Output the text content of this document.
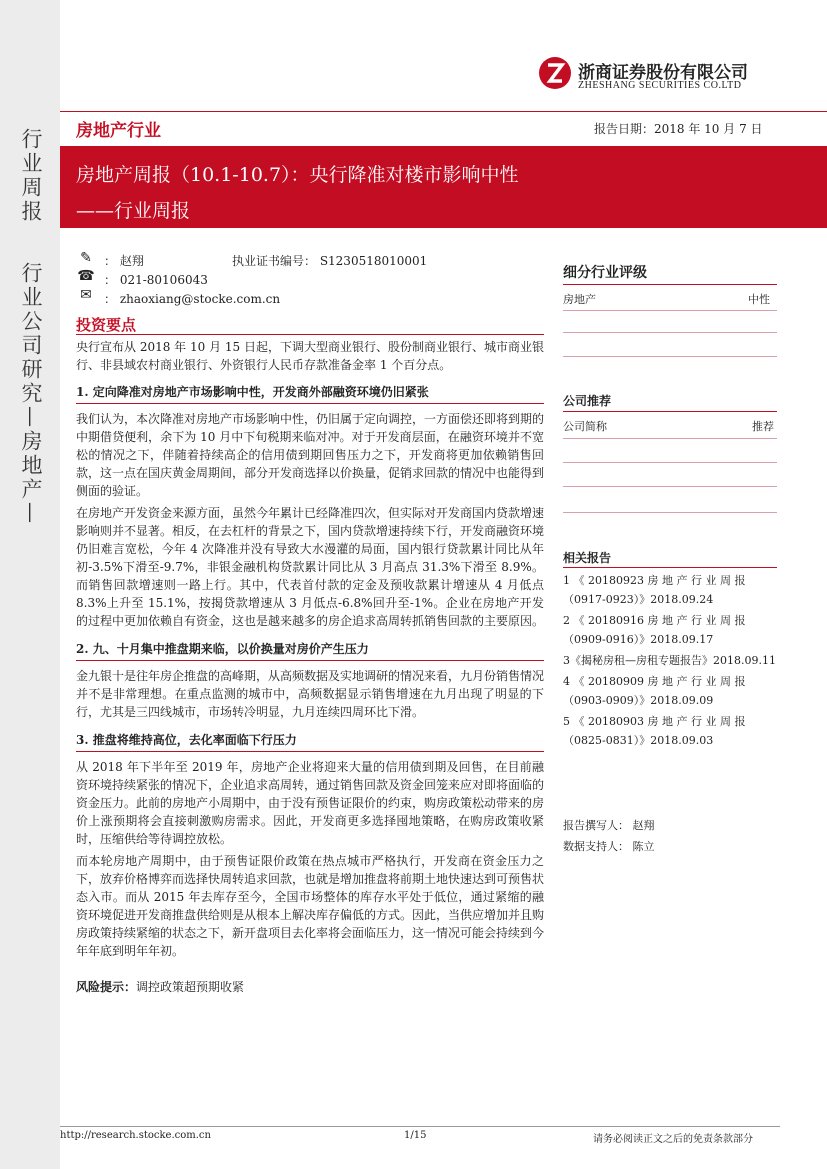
行业周报
行业公司研究—房地产—
浙商证券股份有限公司
ZHESHANG SECURITIES CO.LTD
房地产行业	报告日期：2018 年 10 月 7 日
房地产周报（10.1-10.7）：央行降准对楼市影响中性
——行业周报
✎	： 赵翔	执业证书编号： S1230518010001
☎ ： 021-80106043
✉	： zhaoxiang@stocke.com.cn
投资要点

央行宣布从 2018 年 10 月 15 日起，下调大型商业银行、股份制商业银行、城市商业银行、非县域农村商业银行、外资银行人民币存款准备金率 1 个百分点。

1. 定向降准对房地产市场影响中性，开发商外部融资环境仍旧紧张

我们认为，本次降准对房地产市场影响中性，仍旧属于定向调控，一方面偿还即将到期的中期借贷便利，余下为 10 月中下旬税期来临对冲。对于开发商层面，在融资环境并不宽松的情况之下，伴随着持续高企的信用债到期回售压力之下，开发商将更加依赖销售回款，这一点在国庆黄金周期间，部分开发商选择以价换量，促销求回款的情况中也能得到侧面的验证。

在房地产开发资金来源方面，虽然今年累计已经降准四次，但实际对开发商国内贷款增速影响则并不显著。相反，在去杠杆的背景之下，国内贷款增速持续下行，开发商融资环境仍旧难言宽松，今年 4 次降准并没有导致大水漫灌的局面，国内银行贷款累计同比从年初-3.5%下滑至-9.7%，非银金融机构贷款累计同比从 3 月高点 31.3%下滑至 8.9%。而销售回款增速则一路上行。其中，代表首付款的定金及预收款累计增速从 4 月低点 8.3%上升至 15.1%，按揭贷款增速从 3 月低点-6.8%回升至-1%。企业在房地产开发的过程中更加依赖自有资金，这也是越来越多的房企追求高周转抓销售回款的主要原因。

2. 九、十月集中推盘期来临，以价换量对房价产生压力

金九银十是往年房企推盘的高峰期，从高频数据及实地调研的情况来看，九月份销售情况并不是非常理想。在重点监测的城市中，高频数据显示销售增速在九月出现了明显的下行，尤其是三四线城市，市场转冷明显，九月连续四周环比下滑。

3. 推盘将维持高位，去化率面临下行压力

从 2018 年下半年至 2019 年，房地产企业将迎来大量的信用债到期及回售，在目前融资环境持续紧张的情况下，企业追求高周转，通过销售回款及资金回笼来应对即将面临的资金压力。此前的房地产小周期中，由于没有预售证限价的约束，购房政策松动带来的房价上涨预期将会直接刺激购房需求。因此，开发商更多选择囤地策略，在购房政策收紧时，压缩供给等待调控放松。

而本轮房地产周期中，由于预售证限价政策在热点城市严格执行，开发商在资金压力之下，放弃价格博弈而选择快周转追求回款，也就是增加推盘将前期土地快速达到可预售状态入市。而从 2015 年去库存至今，全国市场整体的库存水平处于低位，通过紧缩的融资环境促进开发商推盘供给则是从根本上解决库存偏低的方式。因此，当供应增加并且购房政策持续紧缩的状态之下，新开盘项目去化率将会面临压力，这一情况可能会持续到今年年底到明年年初。

风险提示：调控政策超预期收紧
细分行业评级
房地产	中性
公司推荐
公司简称	推荐
相关报告
1 《 20180923 房 地 产 行 业 周 报（0917-0923）》2018.09.24
2 《 20180916 房 地 产 行 业 周 报（0909-0916）》2018.09.17
3《揭秘房租—房租专题报告》2018.09.11
4 《 20180909 房 地 产 行 业 周 报（0903-0909）》2018.09.09
5 《 20180903 房 地 产 行 业 周 报（0825-0831）》2018.09.03
报告撰写人： 赵翔
数据支持人： 陈立
http://research.stocke.com.cn	1/15	请务必阅读正文之后的免责条款部分
